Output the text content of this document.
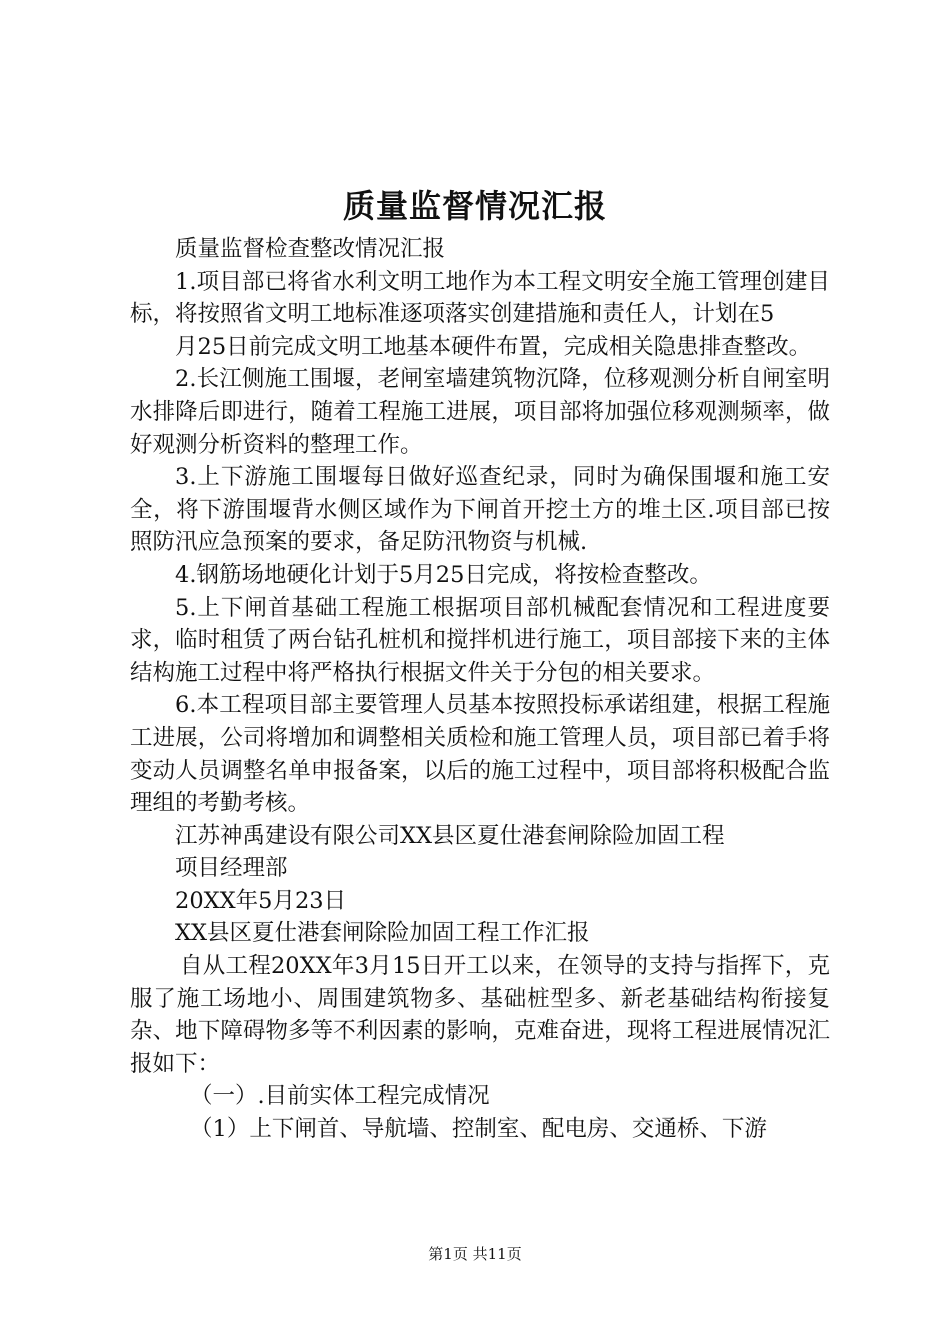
质量监督情况汇报

质量监督检查整改情况汇报

1.项目部已将省水利文明工地作为本工程文明安全施工管理创建目标，将按照省文明工地标准逐项落实创建措施和责任人，计划在5

月25日前完成文明工地基本硬件布置，完成相关隐患排查整改。

2.长江侧施工围堰，老闸室墙建筑物沉降，位移观测分析自闸室明水排降后即进行，随着工程施工进展，项目部将加强位移观测频率，做好观测分析资料的整理工作。

3.上下游施工围堰每日做好巡查纪录，同时为确保围堰和施工安全，将下游围堰背水侧区域作为下闸首开挖土方的堆土区.项目部已按照防汛应急预案的要求，备足防汛物资与机械.

4.钢筋场地硬化计划于5月25日完成，将按检查整改。

5.上下闸首基础工程施工根据项目部机械配套情况和工程进度要求，临时租赁了两台钻孔桩机和搅拌机进行施工，项目部接下来的主体结构施工过程中将严格执行根据文件关于分包的相关要求。

6.本工程项目部主要管理人员基本按照投标承诺组建，根据工程施工进展，公司将增加和调整相关质检和施工管理人员，项目部已着手将变动人员调整名单申报备案，以后的施工过程中，项目部将积极配合监理组的考勤考核。

江苏神禹建设有限公司XX县区夏仕港套闸除险加固工程

项目经理部

20XX年5月23日

XX县区夏仕港套闸除险加固工程工作汇报

自从工程20XX年3月15日开工以来，在领导的支持与指挥下，克服了施工场地小、周围建筑物多、基础桩型多、新老基础结构衔接复杂、地下障碍物多等不利因素的影响，克难奋进，现将工程进展情况汇报如下：

（一）.目前实体工程完成情况

（1）上下闸首、导航墙、控制室、配电房、交通桥、下游

第1页 共11页
